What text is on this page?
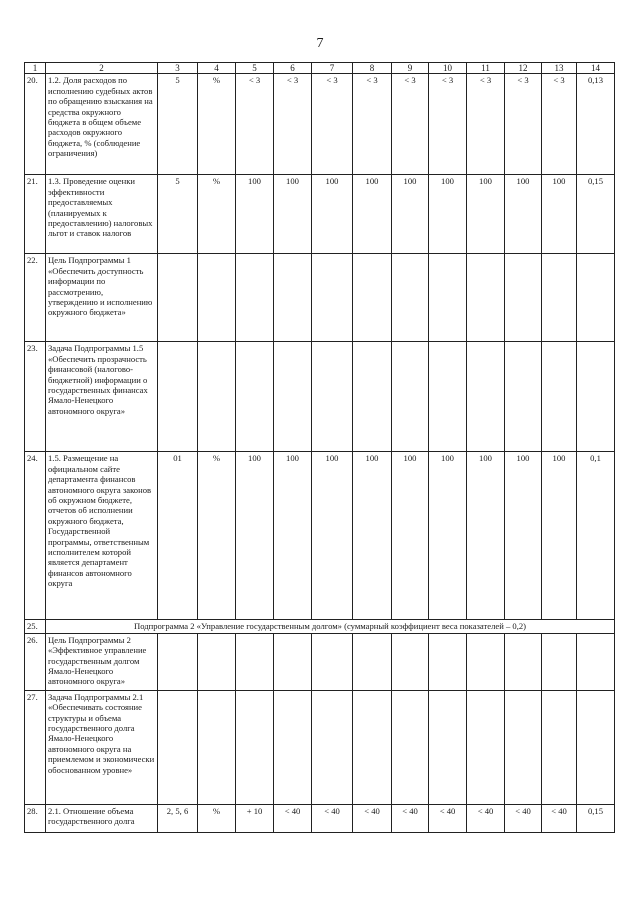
7
1	2	3	4	5	6	7	8	9	10	11	12	13	14
20.	1.2. Доля расходов по исполнению судебных актов по обращению взыскания на средства окружного бюджета в общем объеме расходов окружного бюджета, % (соблюдение ограничения)	5	%	< 3	< 3	< 3	< 3	< 3	< 3	< 3	< 3	< 3	0,13
21.	1.3. Проведение оценки эффективности предоставляемых (планируемых к предоставлению) налоговых льгот и ставок налогов	5	%	100	100	100	100	100	100	100	100	100	0,15
22.	Цель Подпрограммы 1 «Обеспечить доступность информации по рассмотрению, утверждению и исполнению окружного бюджета»												
23.	Задача Подпрограммы 1.5 «Обеспечить прозрачность финансовой (налогово-бюджетной) информации о государственных финансах Ямало-Ненецкого автономного округа»												
24.	1.5. Размещение на официальном сайте департамента финансов автономного округа законов об окружном бюджете, отчетов об исполнении окружного бюджета, Государственной программы, ответственным исполнителем которой является департамент финансов автономного округа	01	%	100	100	100	100	100	100	100	100	100	0,1
25.	Подпрограмма 2 «Управление государственным долгом» (суммарный коэффициент веса показателей – 0,2)												
26.	Цель Подпрограммы 2 «Эффективное управление государственным долгом Ямало-Ненецкого автономного округа»												
27.	Задача Подпрограммы 2.1 «Обеспечивать состояние структуры и объема государственного долга Ямало-Ненецкого автономного округа на приемлемом и экономически обоснованном уровне»												
28.	2.1. Отношение объема государственного долга	2, 5, 6	%	+ 10	< 40	< 40	< 40	< 40	< 40	< 40	< 40	< 40	0,15
